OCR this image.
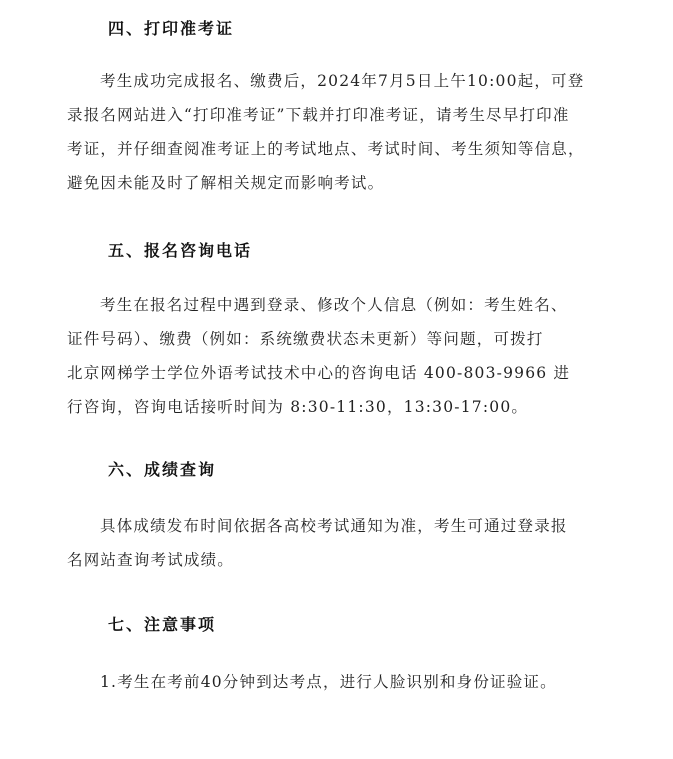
四、打印准考证
考生成功完成报名、缴费后，2024年7月5日上午10:00起，可登
录报名网站进入“打印准考证”下载并打印准考证，请考生尽早打印准
考证，并仔细查阅准考证上的考试地点、考试时间、考生须知等信息，
避免因未能及时了解相关规定而影响考试。
五、报名咨询电话
考生在报名过程中遇到登录、修改个人信息（例如：考生姓名、
证件号码）、缴费（例如：系统缴费状态未更新）等问题，可拨打
北京网梯学士学位外语考试技术中心的咨询电话 400-803-9966 进
行咨询，咨询电话接听时间为 8:30-11:30，13:30-17:00。
六、成绩查询
具体成绩发布时间依据各高校考试通知为准，考生可通过登录报
名网站查询考试成绩。
七、注意事项
1.考生在考前40分钟到达考点，进行人脸识别和身份证验证。
